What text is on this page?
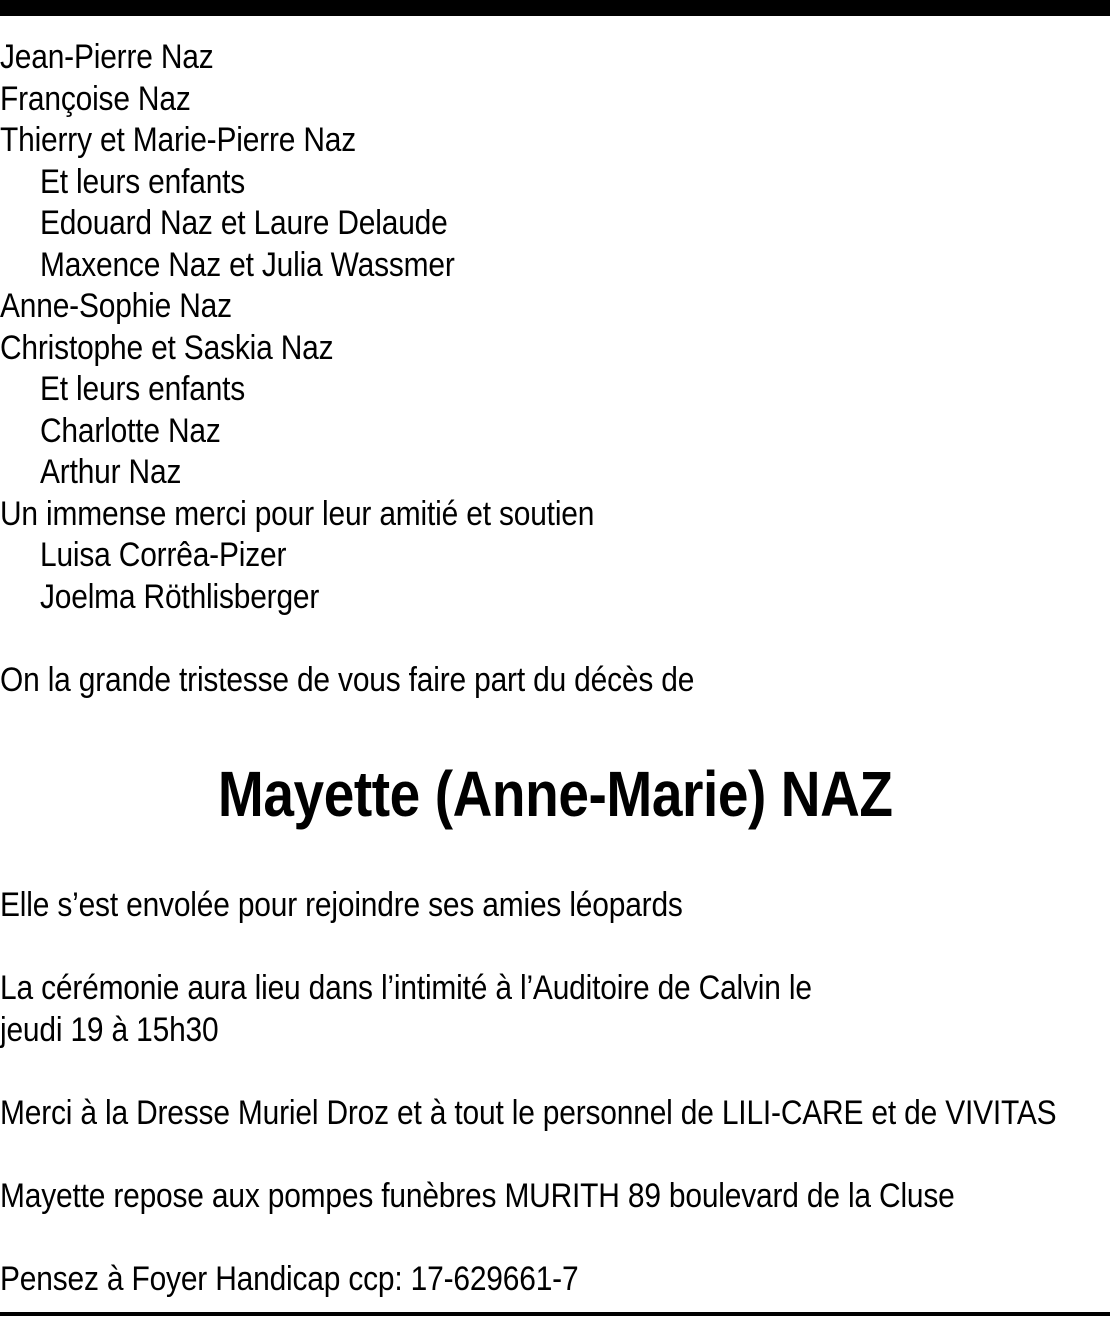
Jean-Pierre Naz
Françoise Naz
Thierry et Marie-Pierre Naz
Et leurs enfants
Edouard Naz et Laure Delaude
Maxence Naz et Julia Wassmer
Anne-Sophie Naz
Christophe et Saskia Naz
Et leurs enfants
Charlotte Naz
Arthur Naz
Un immense merci pour leur amitié et soutien
Luisa Corrêa-Pizer
Joelma Röthlisberger
On la grande tristesse de vous faire part du décès de
Mayette (Anne-Marie) NAZ
Elle s’est envolée pour rejoindre ses amies léopards
La cérémonie aura lieu dans l’intimité à l’Auditoire de Calvin le
jeudi 19 à 15h30
Merci à la Dresse Muriel Droz et à tout le personnel de LILI-CARE et de VIVITAS
Mayette repose aux pompes funèbres MURITH 89 boulevard de la Cluse
Pensez à Foyer Handicap ccp: 17-629661-7
